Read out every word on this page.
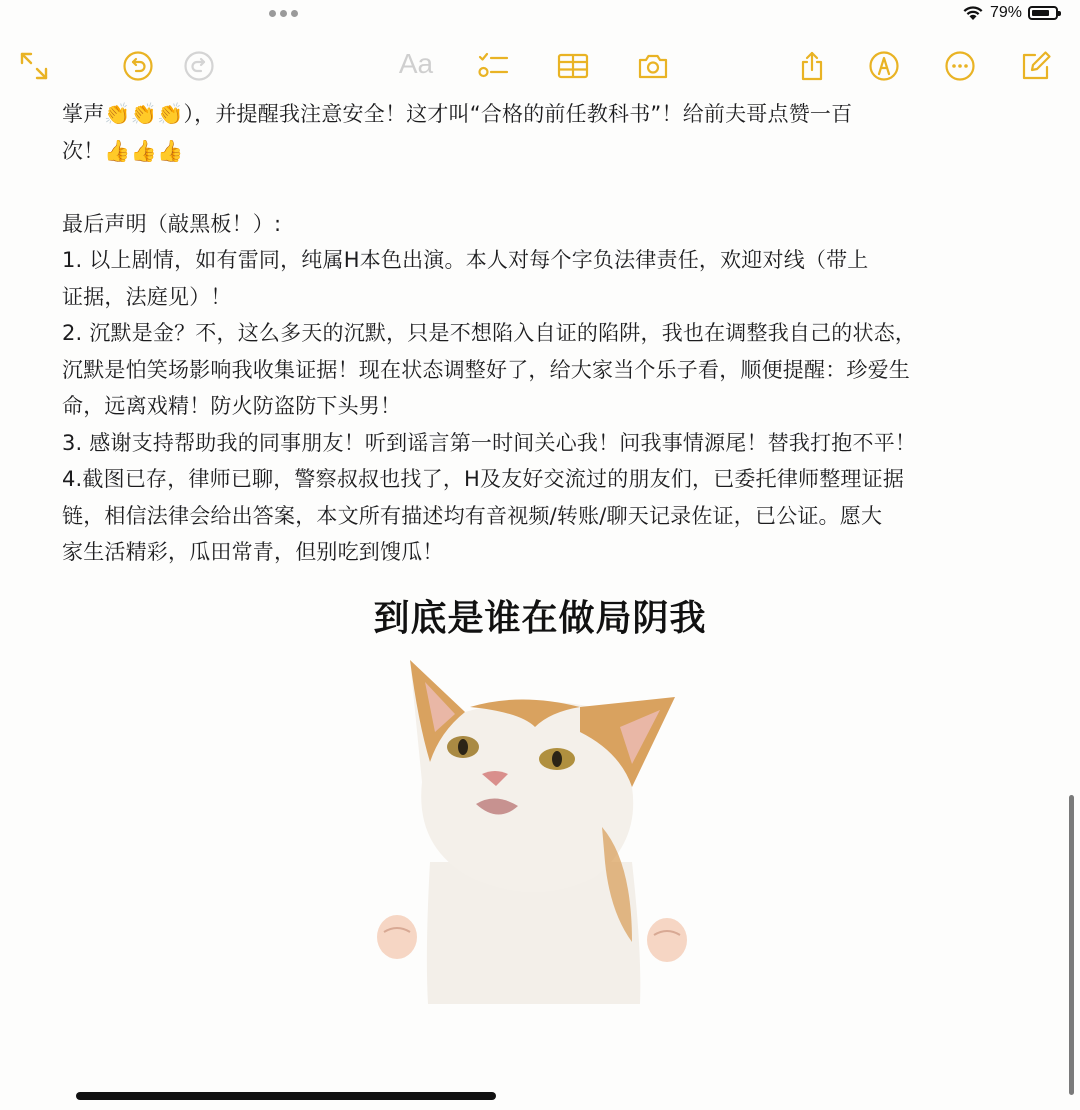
79%
Aa

掌声👏👏👏），并提醒我注意安全！这才叫“合格的前任教科书”！给前夫哥点赞一百

次！👍👍👍

最后声明（敲黑板！）:

1. 以上剧情，如有雷同，纯属H本色出演。本人对每个字负法律责任，欢迎对线（带上

证据，法庭见）！

2. 沉默是金？不，这么多天的沉默，只是不想陷入自证的陷阱，我也在调整我自己的状态，

沉默是怕笑场影响我收集证据！现在状态调整好了，给大家当个乐子看，顺便提醒：珍爱生

命，远离戏精！防火防盗防下头男！

3. 感谢支持帮助我的同事朋友！听到谣言第一时间关心我！问我事情源尾！替我打抱不平！

4.截图已存，律师已聊，警察叔叔也找了，H及友好交流过的朋友们，已委托律师整理证据

链，相信法律会给出答案，本文所有描述均有音视频/转账/聊天记录佐证，已公证。愿大

家生活精彩，瓜田常青，但别吃到馊瓜！

到底是谁在做局阴我
